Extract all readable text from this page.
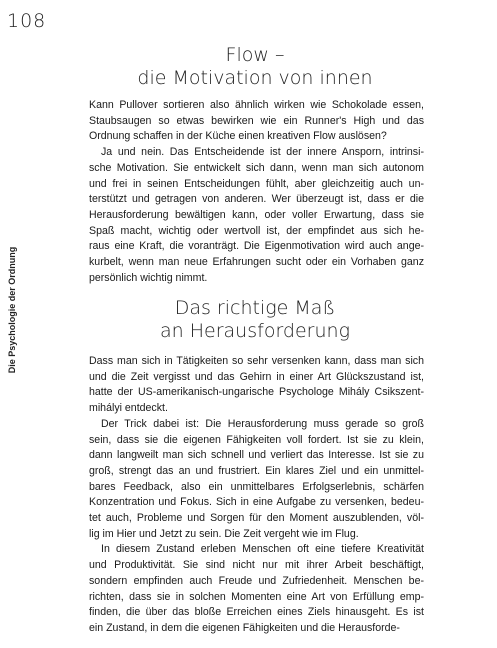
108
Die Psychologie der Ordnung
Flow –
die Motivation von innen
Kann Pullover sortieren also ähnlich wirken wie Schokolade essen,
Staubsaugen so etwas bewirken wie ein Runner's High und das
Ordnung schaffen in der Küche einen kreativen Flow auslösen?
Ja und nein. Das Entscheidende ist der innere Ansporn, intrinsi-
sche Motivation. Sie entwickelt sich dann, wenn man sich autonom
und frei in seinen Entscheidungen fühlt, aber gleichzeitig auch un-
terstützt und getragen von anderen. Wer überzeugt ist, dass er die
Herausforderung bewältigen kann, oder voller Erwartung, dass sie
Spaß macht, wichtig oder wertvoll ist, der empfindet aus sich he-
raus eine Kraft, die voranträgt. Die Eigenmotivation wird auch ange-
kurbelt, wenn man neue Erfahrungen sucht oder ein Vorhaben ganz
persönlich wichtig nimmt.
Das richtige Maß
an Herausforderung
Dass man sich in Tätigkeiten so sehr versenken kann, dass man sich
und die Zeit vergisst und das Gehirn in einer Art Glückszustand ist,
hatte der US-amerikanisch-ungarische Psychologe Mihály Csikszent-
mihályi entdeckt.
Der Trick dabei ist: Die Herausforderung muss gerade so groß
sein, dass sie die eigenen Fähigkeiten voll fordert. Ist sie zu klein,
dann langweilt man sich schnell und verliert das Interesse. Ist sie zu
groß, strengt das an und frustriert. Ein klares Ziel und ein unmittel-
bares Feedback, also ein unmittelbares Erfolgserlebnis, schärfen
Konzentration und Fokus. Sich in eine Aufgabe zu versenken, bedeu-
tet auch, Probleme und Sorgen für den Moment auszublenden, völ-
lig im Hier und Jetzt zu sein. Die Zeit vergeht wie im Flug.
In diesem Zustand erleben Menschen oft eine tiefere Kreativität
und Produktivität. Sie sind nicht nur mit ihrer Arbeit beschäftigt,
sondern empfinden auch Freude und Zufriedenheit. Menschen be-
richten, dass sie in solchen Momenten eine Art von Erfüllung emp-
finden, die über das bloße Erreichen eines Ziels hinausgeht. Es ist
ein Zustand, in dem die eigenen Fähigkeiten und die Herausforde-
